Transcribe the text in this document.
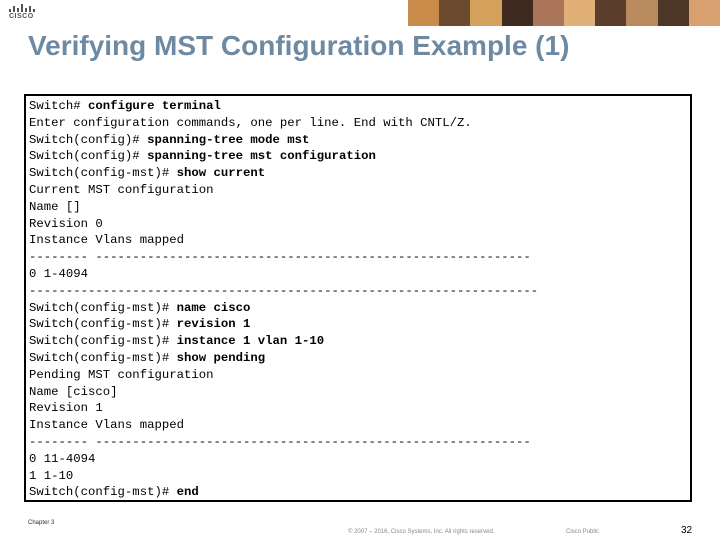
CISCO
Verifying MST Configuration Example (1)
Switch# configure terminal
Enter configuration commands, one per line. End with CNTL/Z.
Switch(config)# spanning-tree mode mst
Switch(config)# spanning-tree mst configuration
Switch(config-mst)# show current
Current MST configuration
Name []
Revision 0
Instance Vlans mapped
-------- -----------------------------------------------------------
0 1-4094
---------------------------------------------------------------------
Switch(config-mst)# name cisco
Switch(config-mst)# revision 1
Switch(config-mst)# instance 1 vlan 1-10
Switch(config-mst)# show pending
Pending MST configuration
Name [cisco]
Revision 1
Instance Vlans mapped
-------- -----------------------------------------------------------
0 11-4094
1 1-10
Switch(config-mst)# end
Chapter 3
© 2007 – 2016, Cisco Systems, Inc. All rights reserved.	Cisco Public	32
